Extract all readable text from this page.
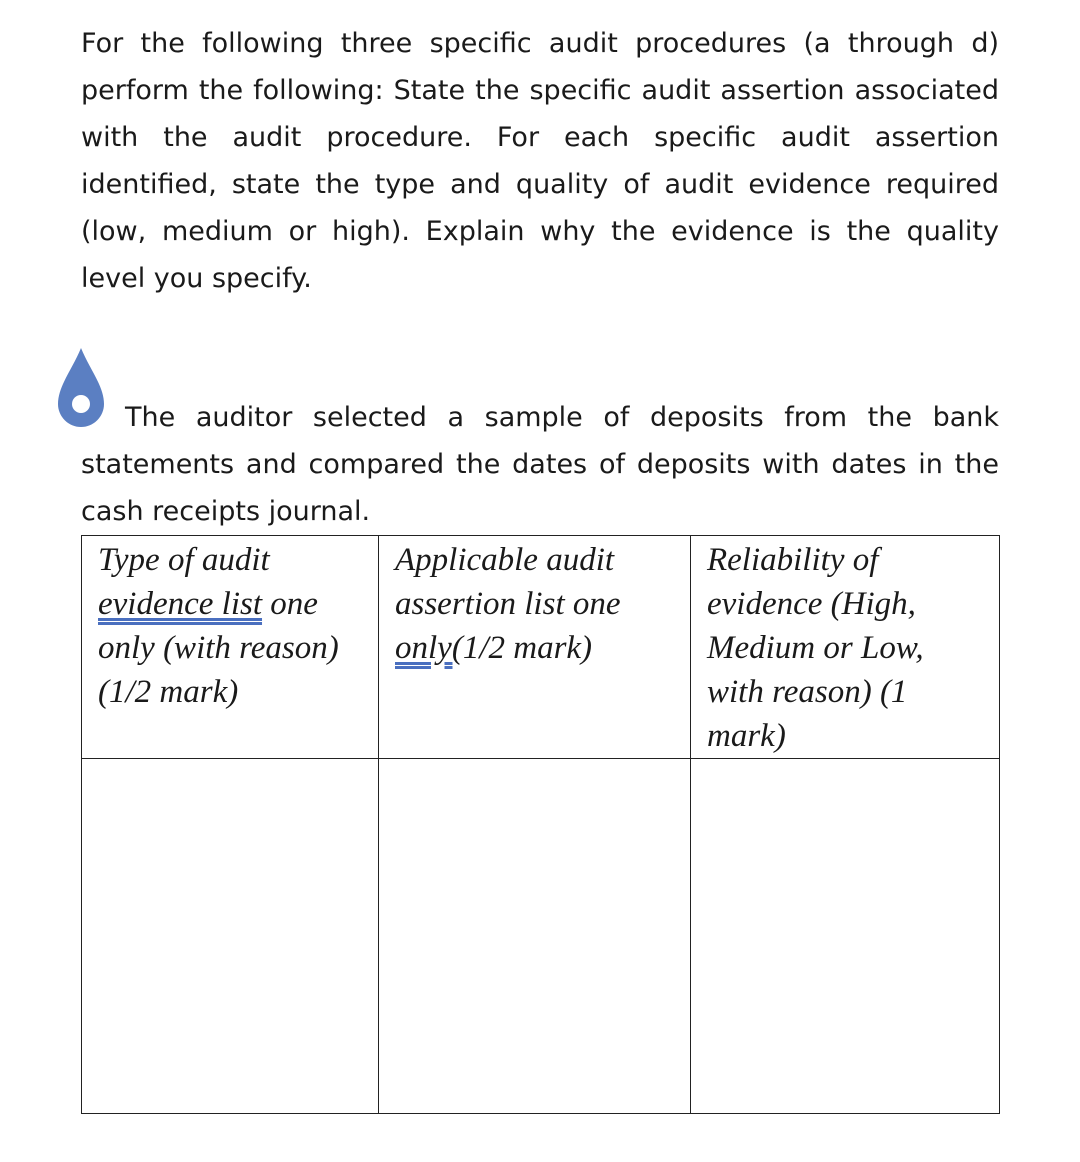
For the following three specific audit procedures (a through d) perform the following: State the specific audit assertion associated with the audit procedure. For each specific audit assertion identified, state the type and quality of audit evidence required (low, medium or high). Explain why the evidence is the quality level you specify.
The auditor selected a sample of deposits from the bank statements and compared the dates of deposits with dates in the cash receipts journal.
Type of audit evidence list one only (with reason) (1/2 mark)	Applicable audit assertion list one only(1/2 mark)	Reliability of evidence (High, Medium or Low, with reason) (1 mark)
